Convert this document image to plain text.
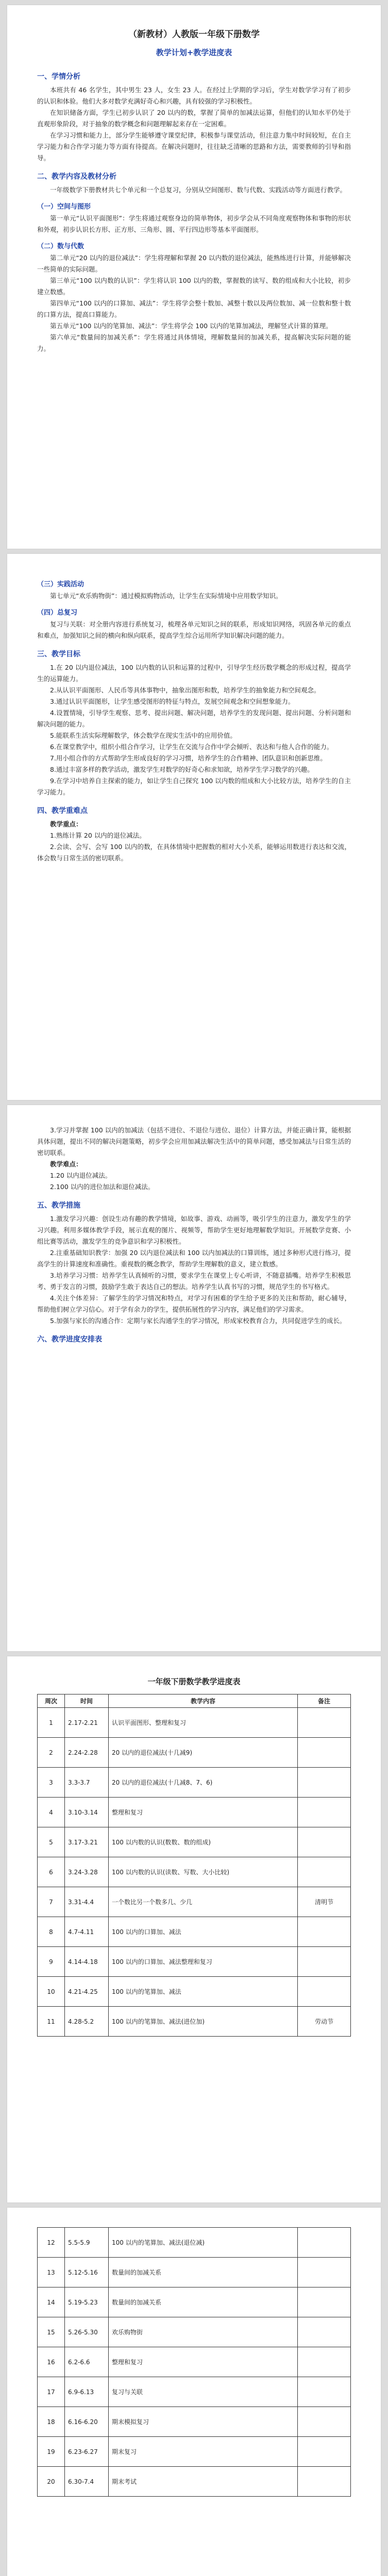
（新教材）人教版一年级下册数学
教学计划+教学进度表
一、学情分析

本班共有 46 名学生，其中男生 23 人，女生 23 人。在经过上学期的学习后，学生对数学学习有了初步的认识和体验。他们大多对数学充满好奇心和兴趣，具有较强的学习积极性。

在知识储备方面，学生已初步认识了 20 以内的数，掌握了简单的加减法运算，但他们的认知水平仍处于直观形象阶段，对于抽象的数学概念和问题理解起来存在一定困难。

在学习习惯和能力上，部分学生能够遵守课堂纪律，积极参与课堂活动，但注意力集中时间较短，在自主学习能力和合作学习能力等方面有待提高。在解决问题时，往往缺乏清晰的思路和方法，需要教师的引导和指导。

二、教学内容及教材分析

一年级数学下册教材共七个单元和一个总复习，分别从空间图形、数与代数、实践活动等方面进行教学。

（一）空间与图形

第一单元“认识平面图形”：学生将通过观察身边的简单物体，初步学会从不同角度观察物体和事物的形状和外观，初步认识长方形、正方形、三角形、圆、平行四边形等基本平面图形。

（二）数与代数

第二单元“20 以内的退位减法”：学生将理解和掌握 20 以内数的退位减法，能熟练进行计算，并能够解决一些简单的实际问题。

第三单元“100 以内数的认识”：学生将认识 100 以内的数，掌握数的读写、数的组成和大小比较，初步建立数感。

第四单元“100 以内的口算加、减法”：学生将学会整十数加、减整十数以及两位数加、减一位数和整十数的口算方法，提高口算能力。

第五单元“100 以内的笔算加、减法”：学生将学会 100 以内的笔算加减法，理解竖式计算的算理。

第六单元“数量间的加减关系”：学生将通过具体情境，理解数量间的加减关系，提高解决实际问题的能力。

（三）实践活动

第七单元“欢乐购物街”：通过模拟购物活动，让学生在实际情境中应用数学知识。

（四）总复习

复习与关联：对全册内容进行系统复习，梳理各单元知识之间的联系，形成知识网络，巩固各单元的重点和难点，加强知识之间的横向和纵向联系，提高学生综合运用所学知识解决问题的能力。

三、教学目标

1.在 20 以内退位减法，100 以内数的认识和运算的过程中，引导学生经历数学概念的形成过程，提高学生的运算能力。

2.从认识平面图形、人民币等具体事物中，抽象出图形和数，培养学生的抽象能力和空间观念。

3.通过认识平面图形，让学生感受图形的特征与特点，发展空间观念和空间想象能力。

4.设置情境，引导学生观察、思考、提出问题、解决问题，培养学生的发现问题、提出问题、分析问题和解决问题的能力。

5.能联系生活实际理解数学，体会数学在现实生活中的应用价值。

6.在课堂教学中，组织小组合作学习，让学生在交流与合作中学会倾听、表达和与他人合作的能力。

7.用小组合作的方式帮助学生形成良好的学习习惯，培养学生的合作精神、团队意识和创新思维。

8.通过丰富多样的教学活动，激发学生对数学的好奇心和求知欲，培养学生学习数学的兴趣。

9.在学习中培养自主探索的能力，如让学生自己探究 100 以内数的组成和大小比较方法，培养学生的自主学习能力。

四、教学重难点

教学重点：

1.熟练计算 20 以内的退位减法。

2.会读、会写、会写 100 以内的数，在具体情境中把握数的相对大小关系，能够运用数进行表达和交流，体会数与日常生活的密切联系。

3.学习并掌握 100 以内的加减法（包括不进位、不退位与进位、退位）计算方法，并能正确计算，能根据具体问题，提出不同的解决问题策略，初步学会应用加减法解决生活中的简单问题，感受加减法与日常生活的密切联系。

教学难点：

1.20 以内退位减法。

2.100 以内的进位加法和退位减法。

五、教学措施

1.激发学习兴趣：创设生动有趣的教学情境，如故事、游戏、动画等，吸引学生的注意力，激发学生的学习兴趣。利用多媒体教学手段，展示直观的图片、视频等，帮助学生更好地理解数学知识。开展数学竞赛、小组比赛等活动，激发学生的竞争意识和学习积极性。

2.注重基础知识教学：加强 20 以内退位减法和 100 以内加减法的口算训练，通过多种形式进行练习，提高学生的计算速度和准确性。重视数的概念教学，帮助学生理解数的意义，建立数感。

3.培养学习习惯：培养学生认真倾听的习惯，要求学生在课堂上专心听讲，不随意插嘴。培养学生积极思考、勇于发言的习惯，鼓励学生敢于表达自己的想法。培养学生认真书写的习惯，规范学生的书写格式。

4.关注个体差异：了解学生的学习情况和特点，对学习有困难的学生给予更多的关注和帮助，耐心辅导，帮助他们树立学习信心。对于学有余力的学生，提供拓展性的学习内容，满足他们的学习需求。

5.加强与家长的沟通合作：定期与家长沟通学生的学习情况，形成家校教育合力，共同促进学生的成长。

六、教学进度安排表
一年级下册数学教学进度表
周次	时间	教学内容	备注
1	2.17-2.21	认识平面图形、整理和复习	
2	2.24-2.28	20 以内的退位减法(十几减9)	
3	3.3-3.7	20 以内的退位减法(十几减8、7、6)	
4	3.10-3.14	整理和复习	
5	3.17-3.21	100 以内数的认识(数数、数的组成)	
6	3.24-3.28	100 以内数的认识(读数、写数、大小比较)	
7	3.31-4.4	一个数比另一个数多几、少几	清明节
8	4.7-4.11	100 以内的口算加、减法	
9	4.14-4.18	100 以内的口算加、减法整理和复习	
10	4.21-4.25	100 以内的笔算加、减法	
11	4.28-5.2	100 以内的笔算加、减法(进位加)	劳动节
12	5.5-5.9	100 以内的笔算加、减法(退位减)	
13	5.12-5.16	数量间的加减关系	
14	5.19-5.23	数量间的加减关系	
15	5.26-5.30	欢乐购物街	
16	6.2-6.6	整理和复习	
17	6.9-6.13	复习与关联	
18	6.16-6.20	期末模拟复习	
19	6.23-6.27	期末复习	
20	6.30-7.4	期末考试	
